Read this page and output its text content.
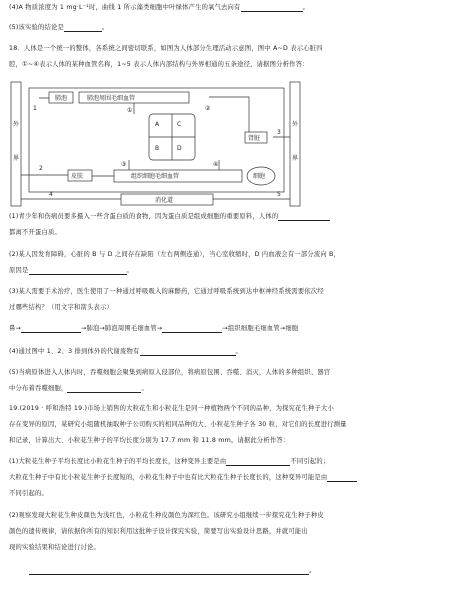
(4)A 物质浓度为 1 mg·L⁻¹时，曲线 1 所示藻类细胞中叶绿体产生的氧气去向有	。
(5)该实验的结论是	。
18．人体是一个统一的整体，各系统之间密切联系，如图为人体部分生理活动示意图，图中 A~D 表示心脏四
腔，①~④表示人体的某种血管名称，1~5 表示人体内部结构与外界相通的五条途径，请据图分析作答：
外界
外界
肺泡	肺泡周围毛细血管
A	C
B	D
肾脏
皮肤	组织细胞毛细血管	细胞
消化道
1
2
3
5
4
①	②
③	④
(1)青少年和伤病员要多摄入一些含蛋白质的食物，因为蛋白质是组成细胞的重要原料，人体的
都离不开蛋白质。
(2)某人因发育障碍，心脏的 B 与 D 之间存在缺陷（左右两侧连通），当心室收缩时，D 内血液会有一部分流向 B，
原因是	。
(3)某人需要手术治疗，医生使用了一种通过呼吸吸入的麻醉药，它通过呼吸系统到达中枢神经系统需要依次经
过哪些结构？（用文字和箭头表示）
鼻→	→肺泡→肺泡周围毛细血管→	→组织细胞毛细血管→细胞
(4)通过图中 1、2、3 排到体外的代谢废物有	。
(5)当病原体进入人体内时，吞噬细胞会聚集到病原入侵部位，将病原包围、吞噬、消灭，人体的多种组织、器官
中分布着吞噬细胞，	。
19.(2019 · 呼和浩特 19.)市场上销售的大粒花生和小粒花生是同一种植物两个不同的品种，为探究花生种子大小
存在变异的原因，某研究小组随机抽取种子公司购买的相同品种的大、小粒花生种子各 30 粒，对它们的长度进行测量
和记录，计算出大、小粒花生种子的平均长度分别为 17.7 mm 和 11.8 mm。请据此分析作答：
(1)大粒花生种子平均长度比小粒花生种子的平均长度长，这种变异主要是由	不同引起的；
大粒花生种子中有比小粒花生种子长度短的，小粒花生种子中也有比大粒花生种子长度长的，这种变异可能是由
不同引起的。
(2)观察发现大粒花生种皮颜色为浅红色，小粒花生种皮颜色为深红色。该研究小组继续一步探究花生种子种皮
颜色的遗传规律，请依据你所有的知识利用这批种子设计探究实验，简要写出实验设计思路，并就可能出
现的实验结果和结论进行讨论。
。
